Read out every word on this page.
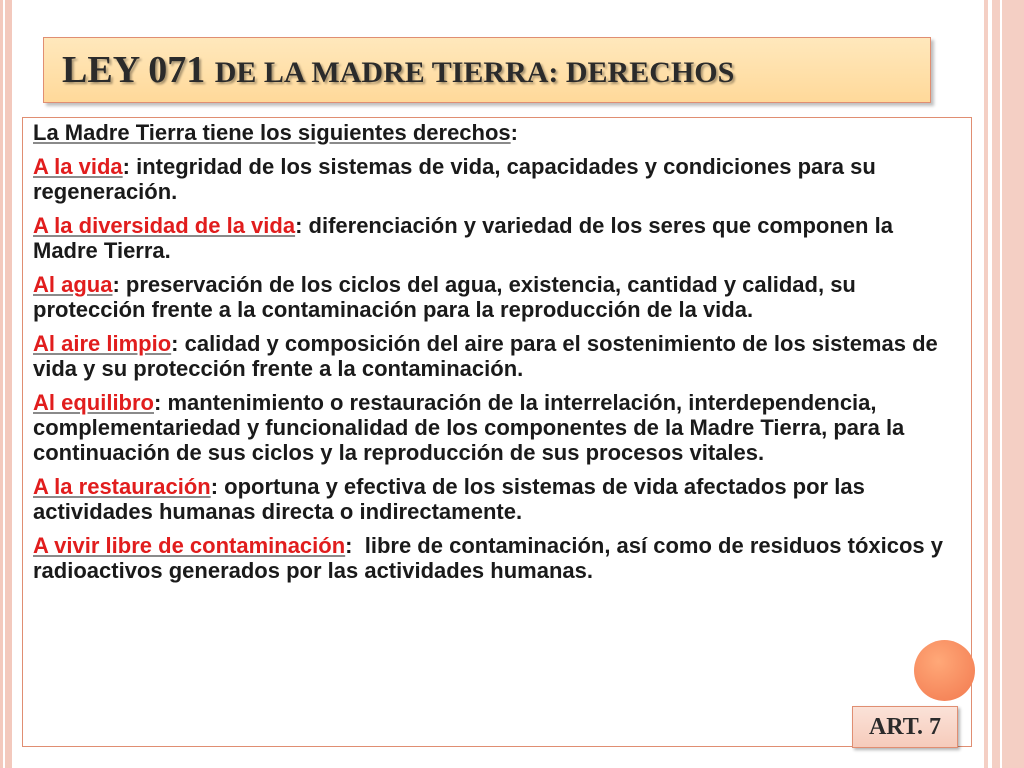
LEY 071 DE LA MADRE TIERRA: DERECHOS

La Madre Tierra tiene los siguientes derechos:

A la vida: integridad de los sistemas de vida, capacidades y condiciones para su regeneración.

A la diversidad de la vida: diferenciación y variedad de los seres que componen la Madre Tierra.

Al agua: preservación de los ciclos del agua, existencia, cantidad y calidad, su protección frente a la contaminación para la reproducción de la vida.

Al aire limpio: calidad y composición del aire para el sostenimiento de los sistemas de vida y su protección frente a la contaminación.

Al equilibro: mantenimiento o restauración de la interrelación, interdependencia, complementariedad y funcionalidad de los componentes de la Madre Tierra, para la continuación de sus ciclos y la reproducción de sus procesos vitales.

A la restauración: oportuna y efectiva de los sistemas de vida afectados por las actividades humanas directa o indirectamente.

A vivir libre de contaminación:  libre de contaminación, así como de residuos tóxicos y radioactivos generados por las actividades humanas.

ART. 7
